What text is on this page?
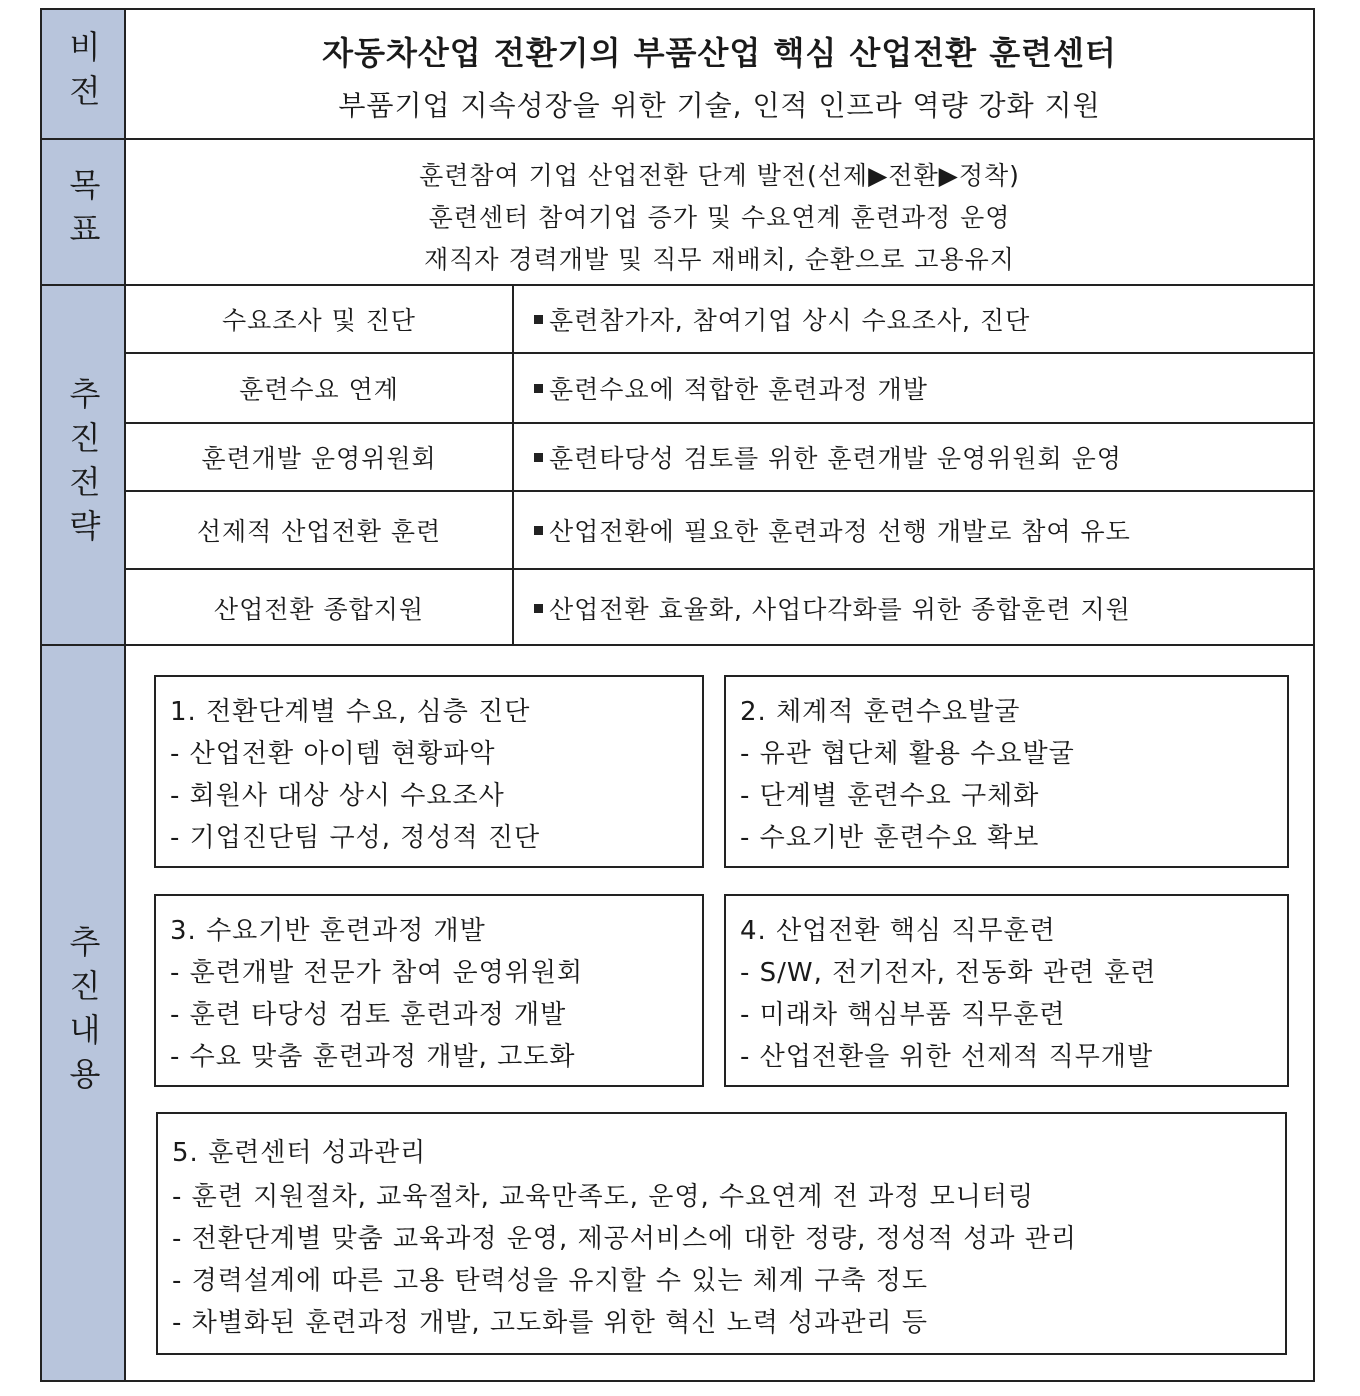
비전	자동차산업 전환기의 부품산업 핵심 산업전환 훈련센터
부품기업 지속성장을 위한 기술, 인적 인프라 역량 강화 지원
목표	훈련참여 기업 산업전환 단계 발전(선제▶전환▶정착)
훈련센터 참여기업 증가 및 수요연계 훈련과정 운영
재직자 경력개발 및 직무 재배치, 순환으로 고용유지
추진전략
수요조사 및 진단	훈련참가자, 참여기업 상시 수요조사, 진단
훈련수요 연계	훈련수요에 적합한 훈련과정 개발
훈련개발 운영위원회	훈련타당성 검토를 위한 훈련개발 운영위원회 운영
선제적 산업전환 훈련	산업전환에 필요한 훈련과정 선행 개발로 참여 유도
산업전환 종합지원	산업전환 효율화, 사업다각화를 위한 종합훈련 지원
추진내용
1. 전환단계별 수요, 심층 진단
- 산업전환 아이템 현황파악
- 회원사 대상 상시 수요조사
- 기업진단팀 구성, 정성적 진단
2. 체계적 훈련수요발굴
- 유관 협단체 활용 수요발굴
- 단계별 훈련수요 구체화
- 수요기반 훈련수요 확보
3. 수요기반 훈련과정 개발
- 훈련개발 전문가 참여 운영위원회
- 훈련 타당성 검토 훈련과정 개발
- 수요 맞춤 훈련과정 개발, 고도화
4. 산업전환 핵심 직무훈련
- S/W, 전기전자, 전동화 관련 훈련
- 미래차 핵심부품 직무훈련
- 산업전환을 위한 선제적 직무개발
5. 훈련센터 성과관리
- 훈련 지원절차, 교육절차, 교육만족도, 운영, 수요연계 전 과정 모니터링
- 전환단계별 맞춤 교육과정 운영, 제공서비스에 대한 정량, 정성적 성과 관리
- 경력설계에 따른 고용 탄력성을 유지할 수 있는 체계 구축 정도
- 차별화된 훈련과정 개발, 고도화를 위한 혁신 노력 성과관리 등
